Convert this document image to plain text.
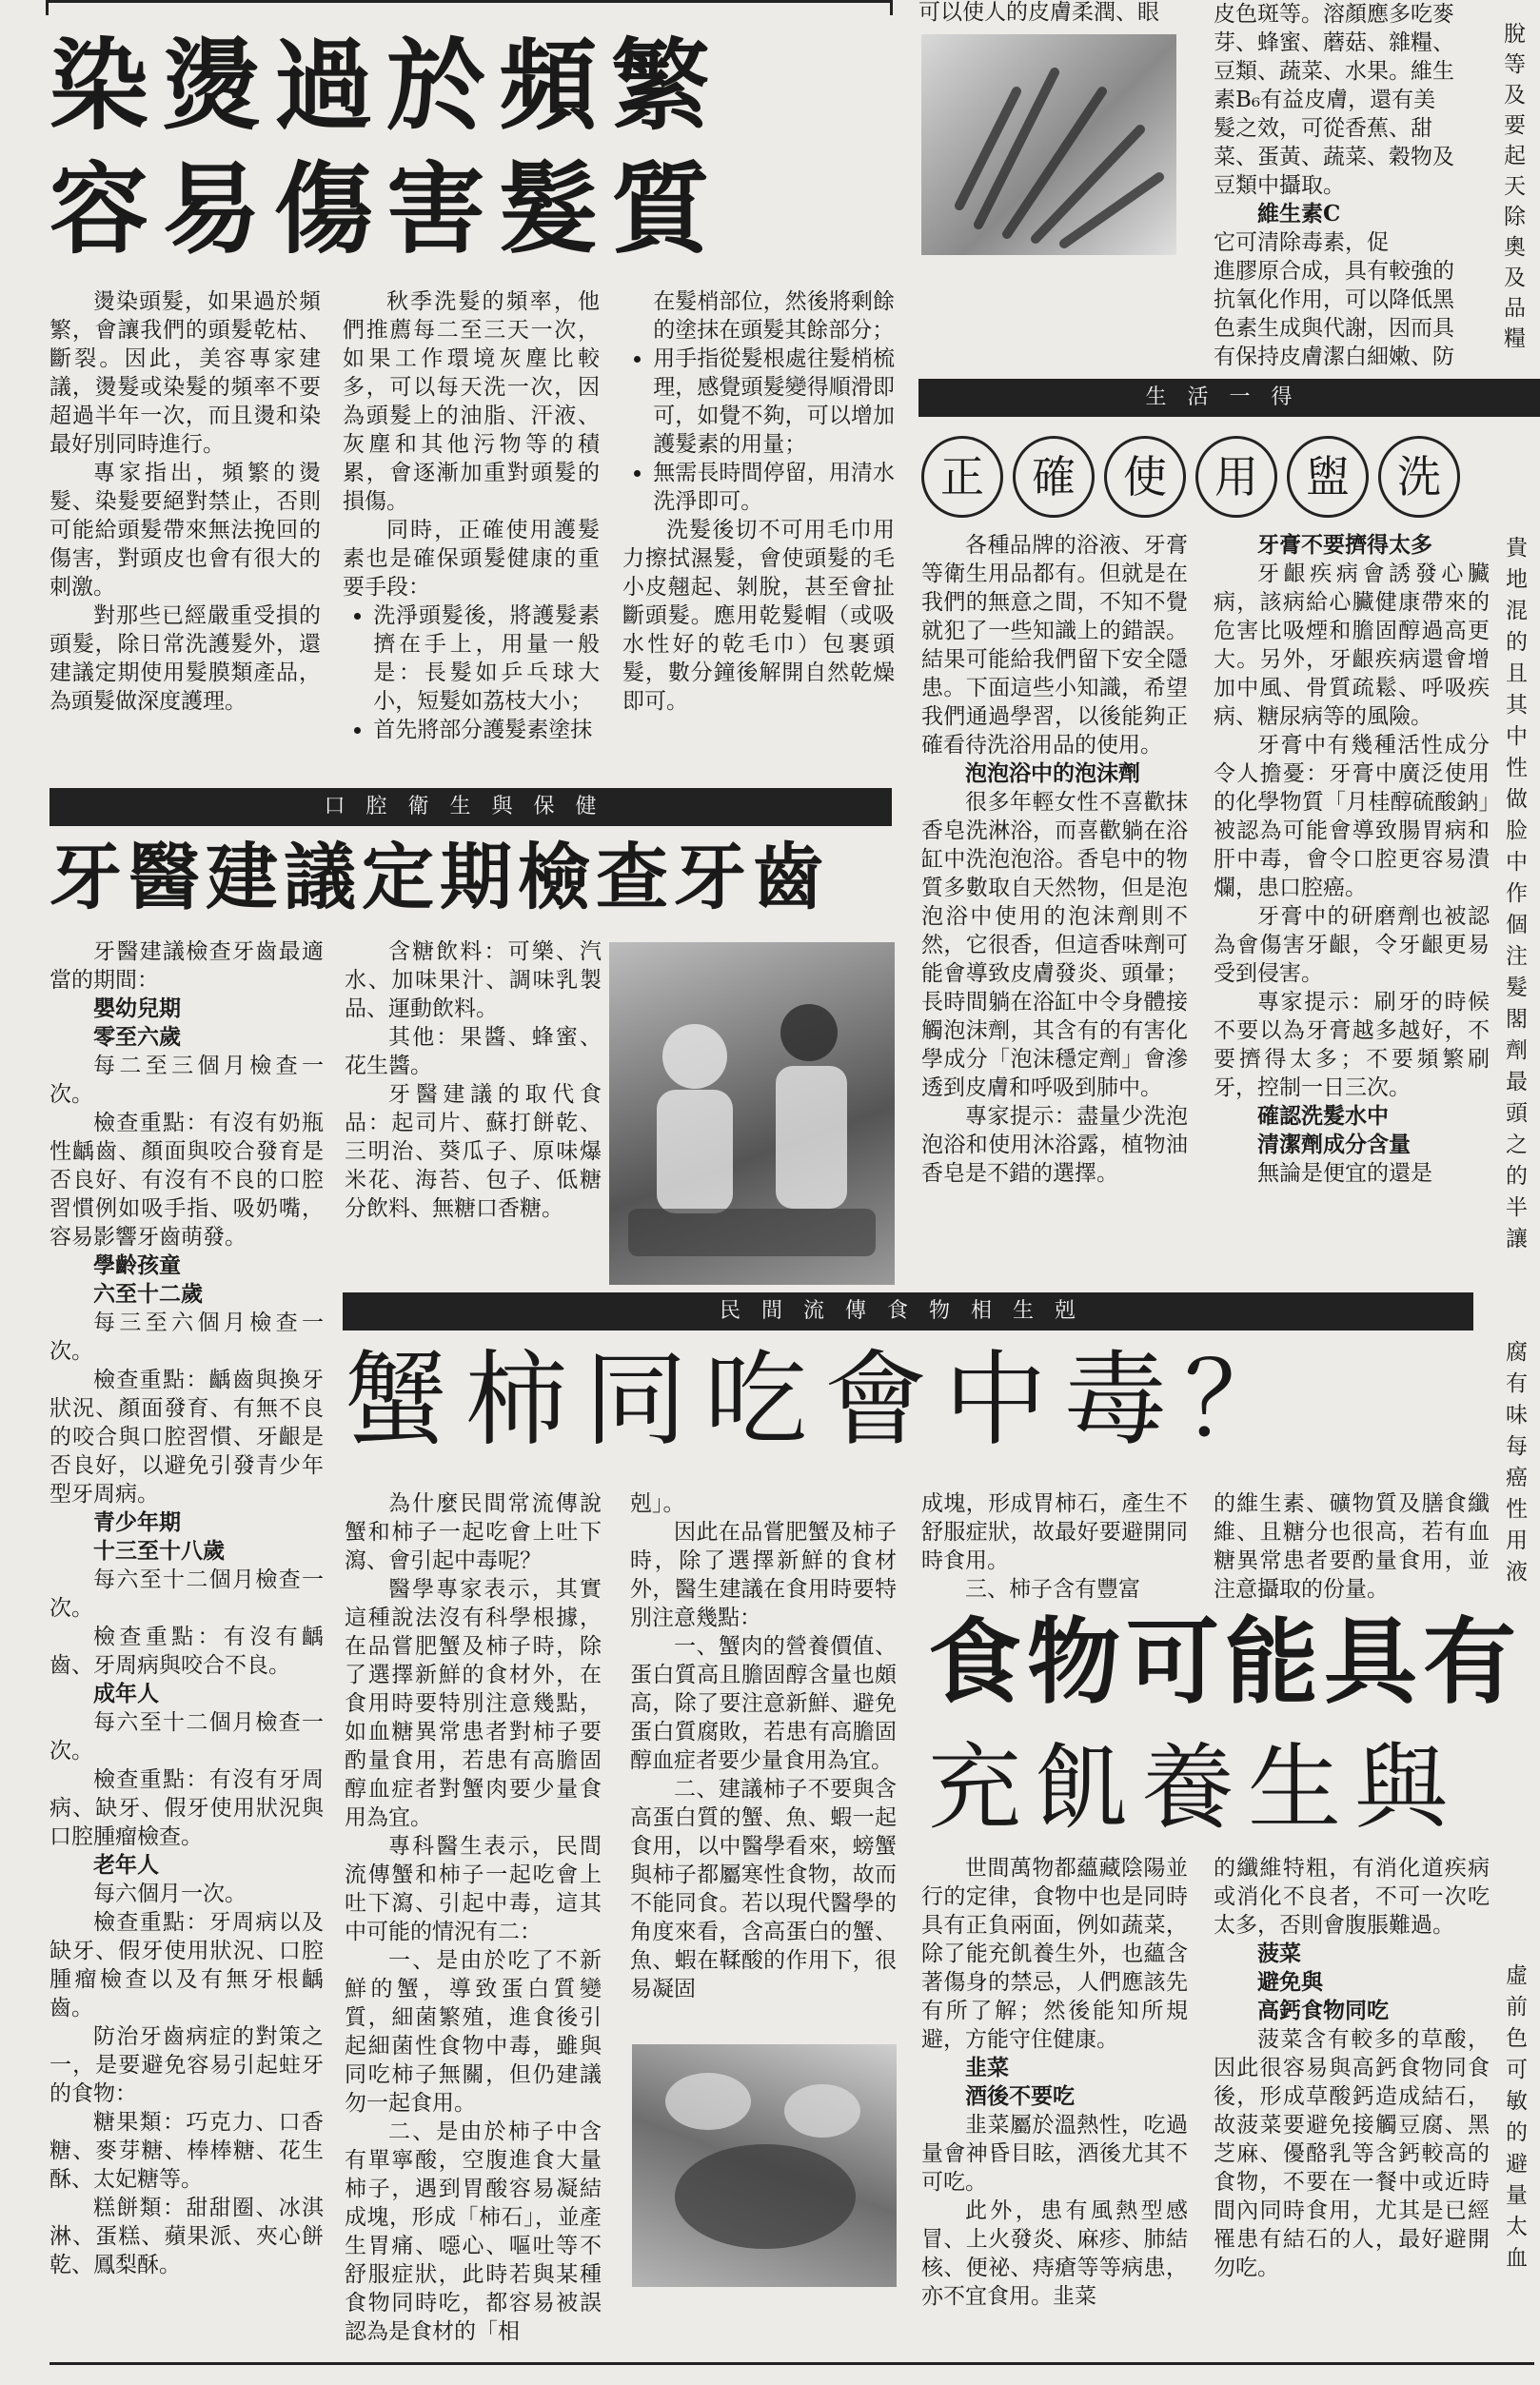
染燙過於頻繁
容易傷害髮質

燙染頭髮，如果過於頻繁，會讓我們的頭髮乾枯、斷裂。因此，美容專家建議，燙髮或染髮的頻率不要超過半年一次，而且燙和染最好別同時進行。

專家指出，頻繁的燙髮、染髮要絕對禁止，否則可能給頭髮帶來無法挽回的傷害，對頭皮也會有很大的刺激。

對那些已經嚴重受損的頭髮，除日常洗護髮外，還建議定期使用髮膜類產品，為頭髮做深度護理。

秋季洗髮的頻率，他們推薦每二至三天一次，如果工作環境灰塵比較多，可以每天洗一次，因為頭髮上的油脂、汗液、灰塵和其他污物等的積累，會逐漸加重對頭髮的損傷。

同時，正確使用護髮素也是確保頭髮健康的重要手段：

• 洗淨頭髮後，將護髮素擠在手上，用量一般是：長髮如乒乓球大小，短髮如荔枝大小；
• 首先將部分護髮素塗抹
在髮梢部位，然後將剩餘的塗抹在頭髮其餘部分；
• 用手指從髮根處往髮梢梳理，感覺頭髮變得順滑即可，如覺不夠，可以增加護髮素的用量；
• 無需長時間停留，用清水洗淨即可。

洗髮後切不可用毛巾用力擦拭濕髮，會使頭髮的毛小皮翹起、剝脫，甚至會扯斷頭髮。應用乾髮帽（或吸水性好的乾毛巾）包裹頭髮，數分鐘後解開自然乾燥即可。

可以使人的皮膚柔潤、眼	皮色斑等。溶顏應多吃麥
芽、蜂蜜、蘑菇、雜糧、
豆類、蔬菜、水果。維生
素B₆有益皮膚，還有美
髮之效，可從香蕉、甜
菜、蛋黃、蔬菜、穀物及
豆類中攝取。
維生素C
它可清除毒素，促
進膠原合成，具有較強的
抗氧化作用，可以降低黑
色素生成與代謝，因而具
有保持皮膚潔白細嫩、防
脫
等
及
要
起
天
除
奧
及
品
糧
生活一得
正 確 使 用 盥 洗

各種品牌的浴液、牙膏等衛生用品都有。但就是在我們的無意之間，不知不覺就犯了一些知識上的錯誤。結果可能給我們留下安全隱患。下面這些小知識，希望我們通過學習，以後能夠正確看待洗浴用品的使用。

泡泡浴中的泡沫劑

很多年輕女性不喜歡抹香皂洗淋浴，而喜歡躺在浴缸中洗泡泡浴。香皂中的物質多數取自天然物，但是泡泡浴中使用的泡沫劑則不然，它很香，但這香味劑可能會導致皮膚發炎、頭暈；長時間躺在浴缸中令身體接觸泡沫劑，其含有的有害化學成分「泡沫穩定劑」會滲透到皮膚和呼吸到肺中。

專家提示：盡量少洗泡泡浴和使用沐浴露，植物油香皂是不錯的選擇。

牙膏不要擠得太多

牙齦疾病會誘發心臟病，該病給心臟健康帶來的危害比吸煙和膽固醇過高更大。另外，牙齦疾病還會增加中風、骨質疏鬆、呼吸疾病、糖尿病等的風險。

牙膏中有幾種活性成分令人擔憂：牙膏中廣泛使用的化學物質「月桂醇硫酸鈉」被認為可能會導致腸胃病和肝中毒，會令口腔更容易潰爛，患口腔癌。

牙膏中的研磨劑也被認為會傷害牙齦，令牙齦更易受到侵害。

專家提示：刷牙的時候不要以為牙膏越多越好，不要擠得太多；不要頻繁刷牙，控制一日三次。

確認洗髮水中

清潔劑成分含量

無論是便宜的還是

口腔衛生與保健
牙醫建議定期檢查牙齒

牙醫建議檢查牙齒最適當的期間：

嬰幼兒期

零至六歲

每二至三個月檢查一次。

檢查重點：有沒有奶瓶性齲齒、顏面與咬合發育是否良好、有沒有不良的口腔習慣例如吸手指、吸奶嘴，容易影響牙齒萌發。

學齡孩童

六至十二歲

每三至六個月檢查一次。

檢查重點：齲齒與換牙狀況、顏面發育、有無不良的咬合與口腔習慣、牙齦是否良好，以避免引發青少年型牙周病。

青少年期

十三至十八歲

每六至十二個月檢查一次。

檢查重點：有沒有齲齒、牙周病與咬合不良。

成年人

每六至十二個月檢查一次。

檢查重點：有沒有牙周病、缺牙、假牙使用狀況與口腔腫瘤檢查。

老年人

每六個月一次。

檢查重點：牙周病以及缺牙、假牙使用狀況、口腔腫瘤檢查以及有無牙根齲齒。

防治牙齒病症的對策之一，是要避免容易引起蛀牙的食物：

糖果類：巧克力、口香糖、麥芽糖、棒棒糖、花生酥、太妃糖等。

糕餅類：甜甜圈、冰淇淋、蛋糕、蘋果派、夾心餅乾、鳳梨酥。

含糖飲料：可樂、汽水、加味果汁、調味乳製品、運動飲料。

其他：果醬、蜂蜜、花生醬。

牙醫建議的取代食品：起司片、蘇打餅乾、三明治、葵瓜子、原味爆米花、海苔、包子、低糖分飲料、無糖口香糖。

民間流傳食物相生剋
蟹柿同吃會中毒？

為什麼民間常流傳說蟹和柿子一起吃會上吐下瀉、會引起中毒呢？

醫學專家表示，其實這種說法沒有科學根據，在品嘗肥蟹及柿子時，除了選擇新鮮的食材外，在食用時要特別注意幾點，如血糖異常患者對柿子要酌量食用，若患有高膽固醇血症者對蟹肉要少量食用為宜。

專科醫生表示，民間流傳蟹和柿子一起吃會上吐下瀉、引起中毒，這其中可能的情況有二：

一、是由於吃了不新鮮的蟹，導致蛋白質變質，細菌繁殖，進食後引起細菌性食物中毒，雖與同吃柿子無關，但仍建議勿一起食用。

二、是由於柿子中含有單寧酸，空腹進食大量柿子，遇到胃酸容易凝結成塊，形成「柿石」，並產生胃痛、噁心、嘔吐等不舒服症狀，此時若與某種食物同時吃，都容易被誤認為是食材的「相

剋」。

因此在品嘗肥蟹及柿子時，除了選擇新鮮的食材外，醫生建議在食用時要特別注意幾點：

一、蟹肉的營養價值、蛋白質高且膽固醇含量也頗高，除了要注意新鮮、避免蛋白質腐敗，若患有高膽固醇血症者要少量食用為宜。

二、建議柿子不要與含高蛋白質的蟹、魚、蝦一起食用，以中醫學看來，螃蟹與柿子都屬寒性食物，故而不能同食。若以現代醫學的角度來看，含高蛋白的蟹、魚、蝦在鞣酸的作用下，很易凝固

成塊，形成胃柿石，產生不舒服症狀，故最好要避開同時食用。

三、柿子含有豐富

的維生素、礦物質及膳食纖維、且糖分也很高，若有血糖異常患者要酌量食用，並注意攝取的份量。

食物可能具有
充飢養生與

世間萬物都蘊藏陰陽並行的定律，食物中也是同時具有正負兩面，例如蔬菜，除了能充飢養生外，也蘊含著傷身的禁忌，人們應該先有所了解；然後能知所規避，方能守住健康。

韭菜

酒後不要吃

韭菜屬於溫熱性，吃過量會神昏目眩，酒後尤其不可吃。

此外，患有風熱型感冒、上火發炎、麻疹、肺結核、便祕、痔瘡等等病患，亦不宜食用。韭菜

的纖維特粗，有消化道疾病或消化不良者，不可一次吃太多，否則會腹脹難過。

菠菜

避免與

高鈣食物同吃

菠菜含有較多的草酸，因此很容易與高鈣食物同食後，形成草酸鈣造成結石，故菠菜要避免接觸豆腐、黑芝麻、優酪乳等含鈣較高的食物，不要在一餐中或近時間內同時食用，尤其是已經罹患有結石的人，最好避開勿吃。

貴
地
混
的
且
其
中
性
做
脸
中
作
個
注
髮
閣
劑
最
頭
之
的
半
讓
腐
有
味
每
癌
性
用
液
虛
前
色
可
敏
的
避
量
太
血
